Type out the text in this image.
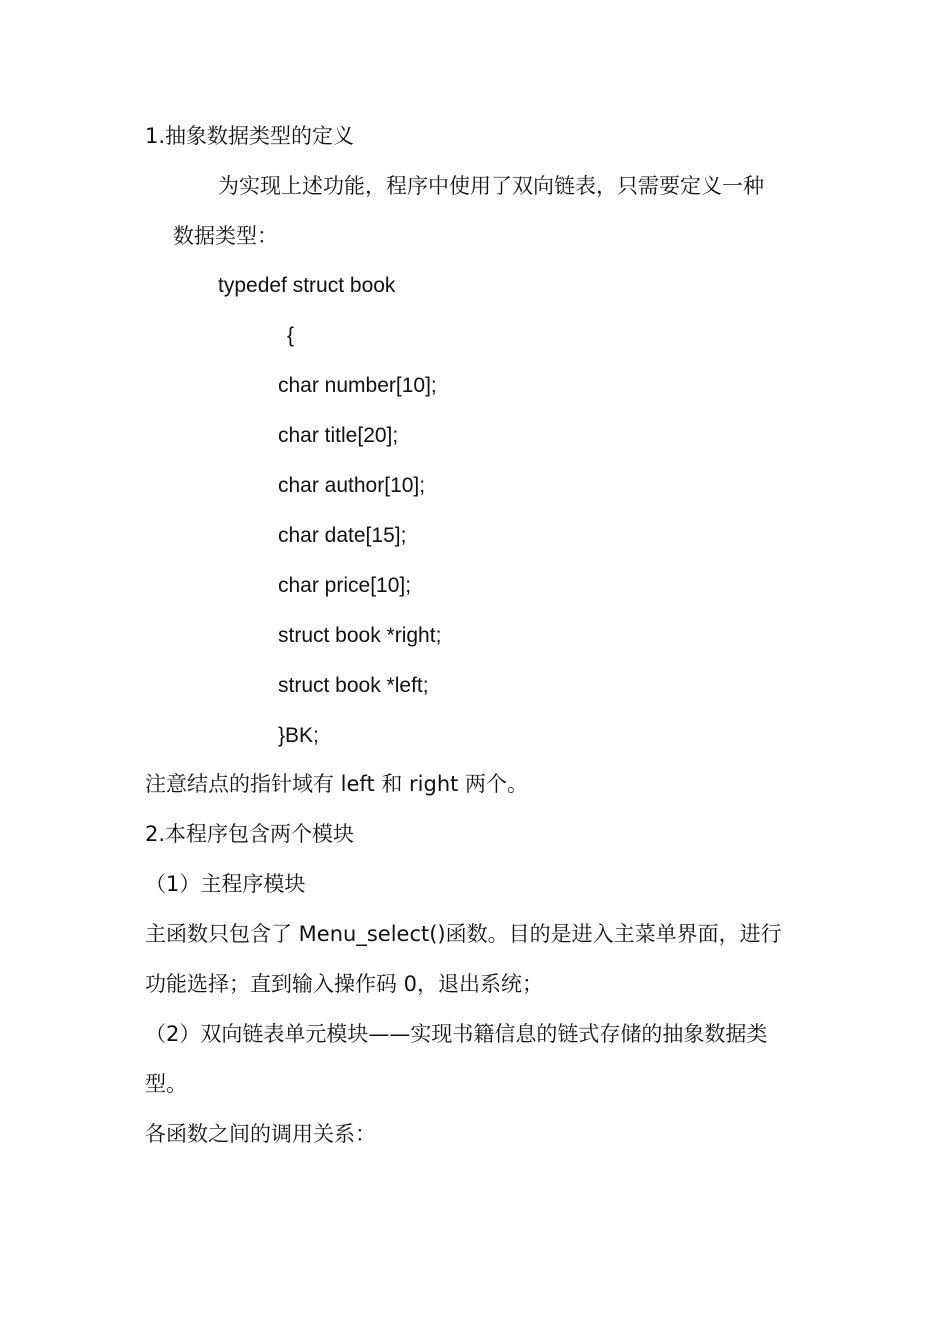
1.抽象数据类型的定义
为实现上述功能，程序中使用了双向链表，只需要定义一种
数据类型：
typedef struct book
{
char number[10];
char title[20];
char author[10];
char date[15];
char price[10];
struct book *right;
struct book *left;
}BK;
注意结点的指针域有 left 和 right 两个。
2.本程序包含两个模块
（1）主程序模块
主函数只包含了 Menu_select()函数。目的是进入主菜单界面，进行
功能选择；直到输入操作码 0，退出系统；
（2）双向链表单元模块——实现书籍信息的链式存储的抽象数据类
型。
各函数之间的调用关系：
